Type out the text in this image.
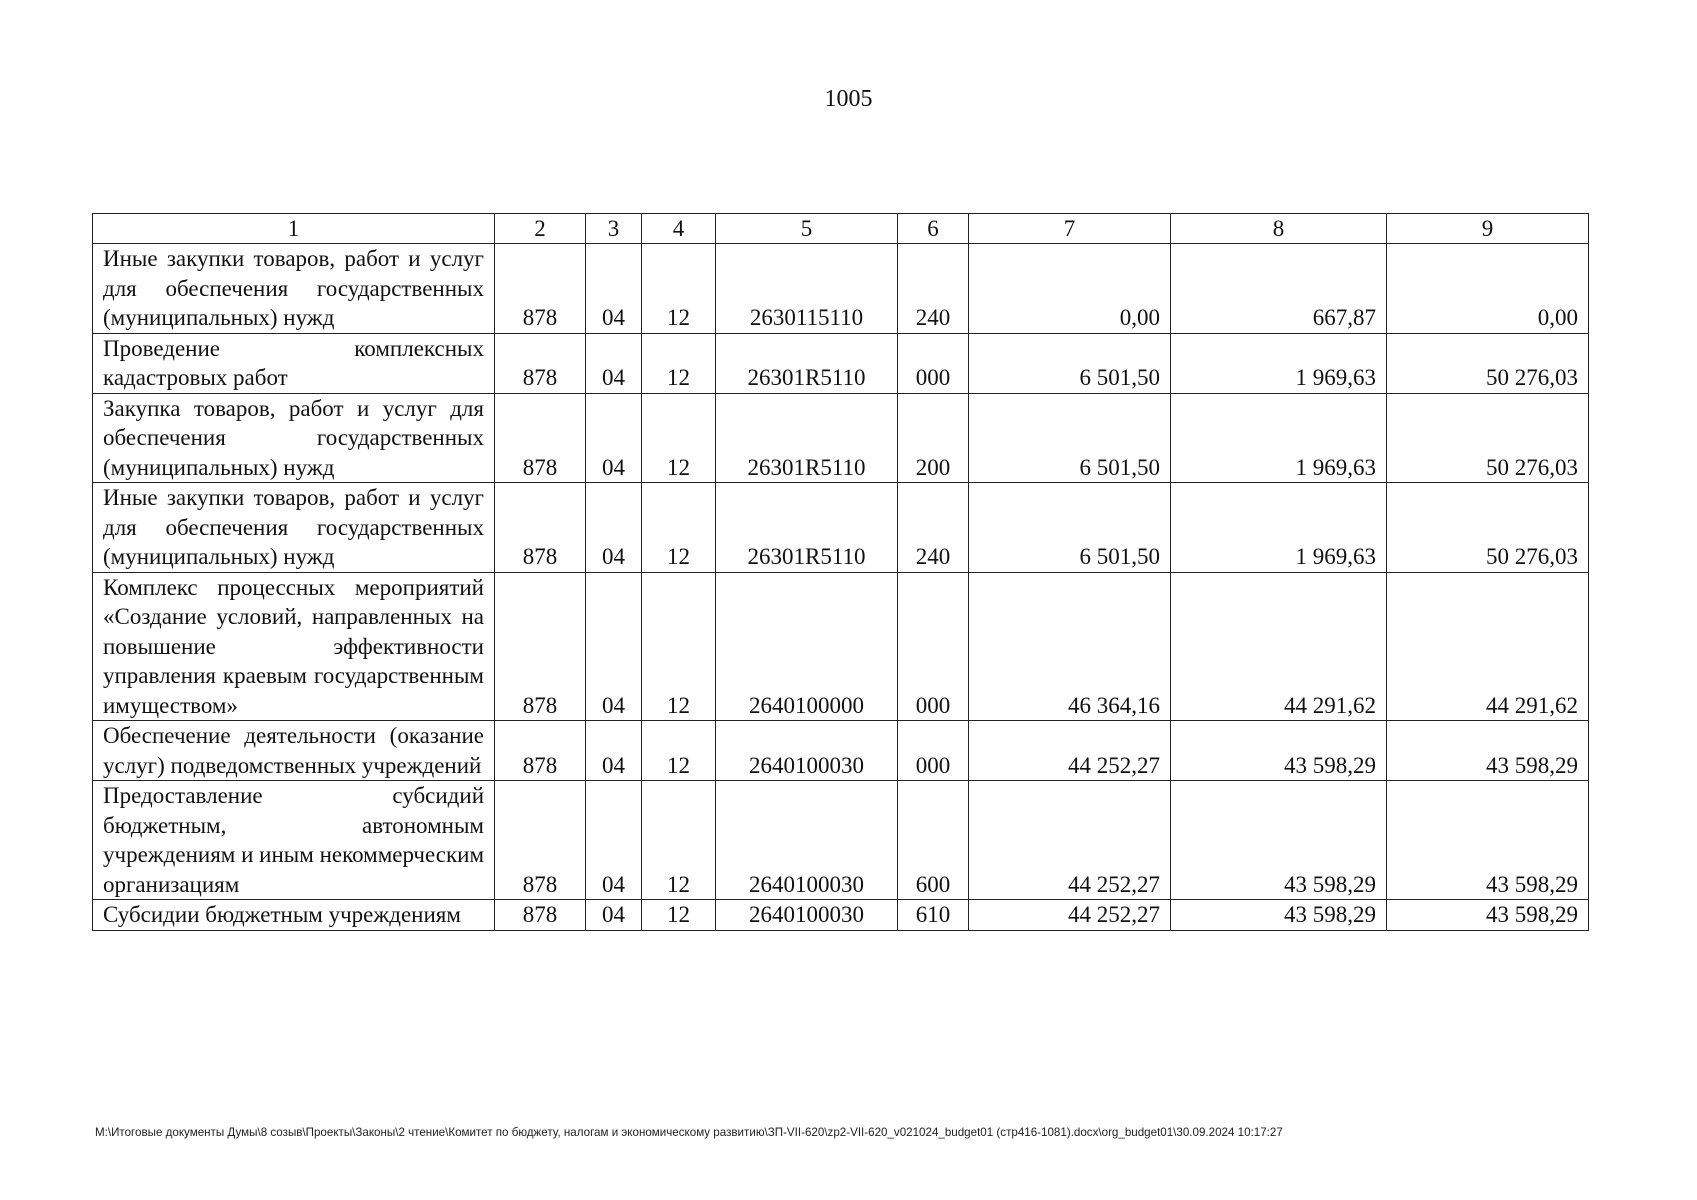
1005
1	2	3	4	5	6	7	8	9
Иные закупки товаров, работ и услуг для обеспечения государственных (муниципальных) нужд	878	04	12	2630115110	240	0,00	667,87	0,00
Проведение комплексных кадастровых работ	878	04	12	26301R5110	000	6 501,50	1 969,63	50 276,03
Закупка товаров, работ и услуг для обеспечения государственных (муниципальных) нужд	878	04	12	26301R5110	200	6 501,50	1 969,63	50 276,03
Иные закупки товаров, работ и услуг для обеспечения государственных (муниципальных) нужд	878	04	12	26301R5110	240	6 501,50	1 969,63	50 276,03
Комплекс процессных мероприятий «Создание условий, направленных на повышение эффективности управления краевым государственным имуществом»	878	04	12	2640100000	000	46 364,16	44 291,62	44 291,62
Обеспечение деятельности (оказание услуг) подведомственных учреждений	878	04	12	2640100030	000	44 252,27	43 598,29	43 598,29
Предоставление субсидий бюджетным, автономным учреждениям и иным некоммерческим организациям	878	04	12	2640100030	600	44 252,27	43 598,29	43 598,29
Субсидии бюджетным учреждениям	878	04	12	2640100030	610	44 252,27	43 598,29	43 598,29
M:\Итоговые документы Думы\8 созыв\Проекты\Законы\2 чтение\Комитет по бюджету, налогам и экономическому развитию\ЗП-VII-620\zp2-VII-620_v021024_budget01 (стр416-1081).docx\org_budget01\30.09.2024 10:17:27
